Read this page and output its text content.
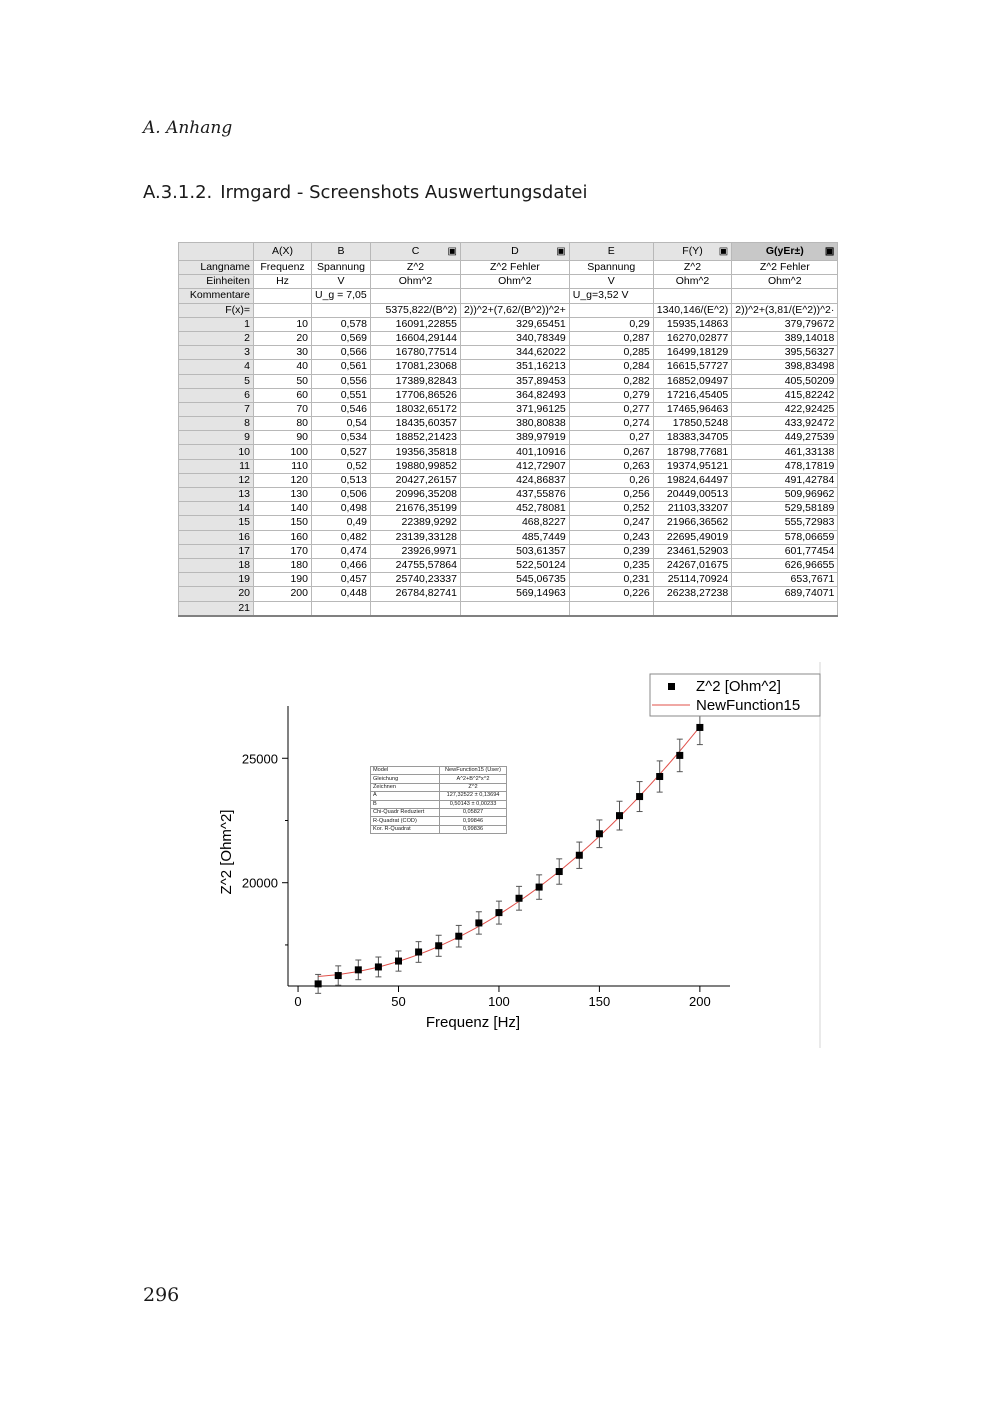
A. Anhang
A.3.1.2. Irmgard - Screenshots Auswertungsdatei
	A(X)	B	C ▣	D ▣	E	F(Y) ▣	G(yEr±) ▣

Langname	Frequenz	Spannung	Z^2	Z^2 Fehler	Spannung	Z^2	Z^2 Fehler
Einheiten	Hz	V	Ohm^2	Ohm^2	V	Ohm^2	Ohm^2
Kommentare		U_g = 7,05			U_g=3,52 V		
F(x)=			5375,822/(B^2)	2))^2+(7,62/(B^2))^2+		1340,146/(E^2)	2))^2+(3,81/(E^2))^2·
1	10	0,578	16091,22855	329,65451	0,29	15935,14863	379,79672
2	20	0,569	16604,29144	340,78349	0,287	16270,02877	389,14018
3	30	0,566	16780,77514	344,62022	0,285	16499,18129	395,56327
4	40	0,561	17081,23068	351,16213	0,284	16615,57727	398,83498
5	50	0,556	17389,82843	357,89453	0,282	16852,09497	405,50209
6	60	0,551	17706,86526	364,82493	0,279	17216,45405	415,82242
7	70	0,546	18032,65172	371,96125	0,277	17465,96463	422,92425
8	80	0,54	18435,60357	380,80838	0,274	17850,5248	433,92472
9	90	0,534	18852,21423	389,97919	0,27	18383,34705	449,27539
10	100	0,527	19356,35818	401,10916	0,267	18798,77681	461,33138
11	110	0,52	19880,99852	412,72907	0,263	19374,95121	478,17819
12	120	0,513	20427,26157	424,86837	0,26	19824,64497	491,42784
13	130	0,506	20996,35208	437,55876	0,256	20449,00513	509,96962
14	140	0,498	21676,35199	452,78081	0,252	21103,33207	529,58189
15	150	0,49	22389,9292	468,8227	0,247	21966,36562	555,72983
16	160	0,482	23139,33128	485,7449	0,243	22695,49019	578,06659
17	170	0,474	23926,9971	503,61357	0,239	23461,52903	601,77454
18	180	0,466	24755,57864	522,50124	0,235	24267,01675	626,96655
19	190	0,457	25740,23337	545,06735	0,231	25114,70924	653,7671
20	200	0,448	26784,82741	569,14963	0,226	26238,27238	689,74071
21							
0	50	100	150	200
20000
25000
Frequenz [Hz]
Z^2 [Ohm^2]
Z^2 [Ohm^2]
NewFunction15
Model	NewFunction15 (User)
Gleichung	A^2+B^2*x^2
Zeichnen	Z^2
A	127,32522 ± 0,13694
B	0,50143 ± 0,00233
Chi-Quadr Reduziert	0,05827
R-Quadrat (COD)	0,99846
Kor. R-Quadrat	0,99836
296
